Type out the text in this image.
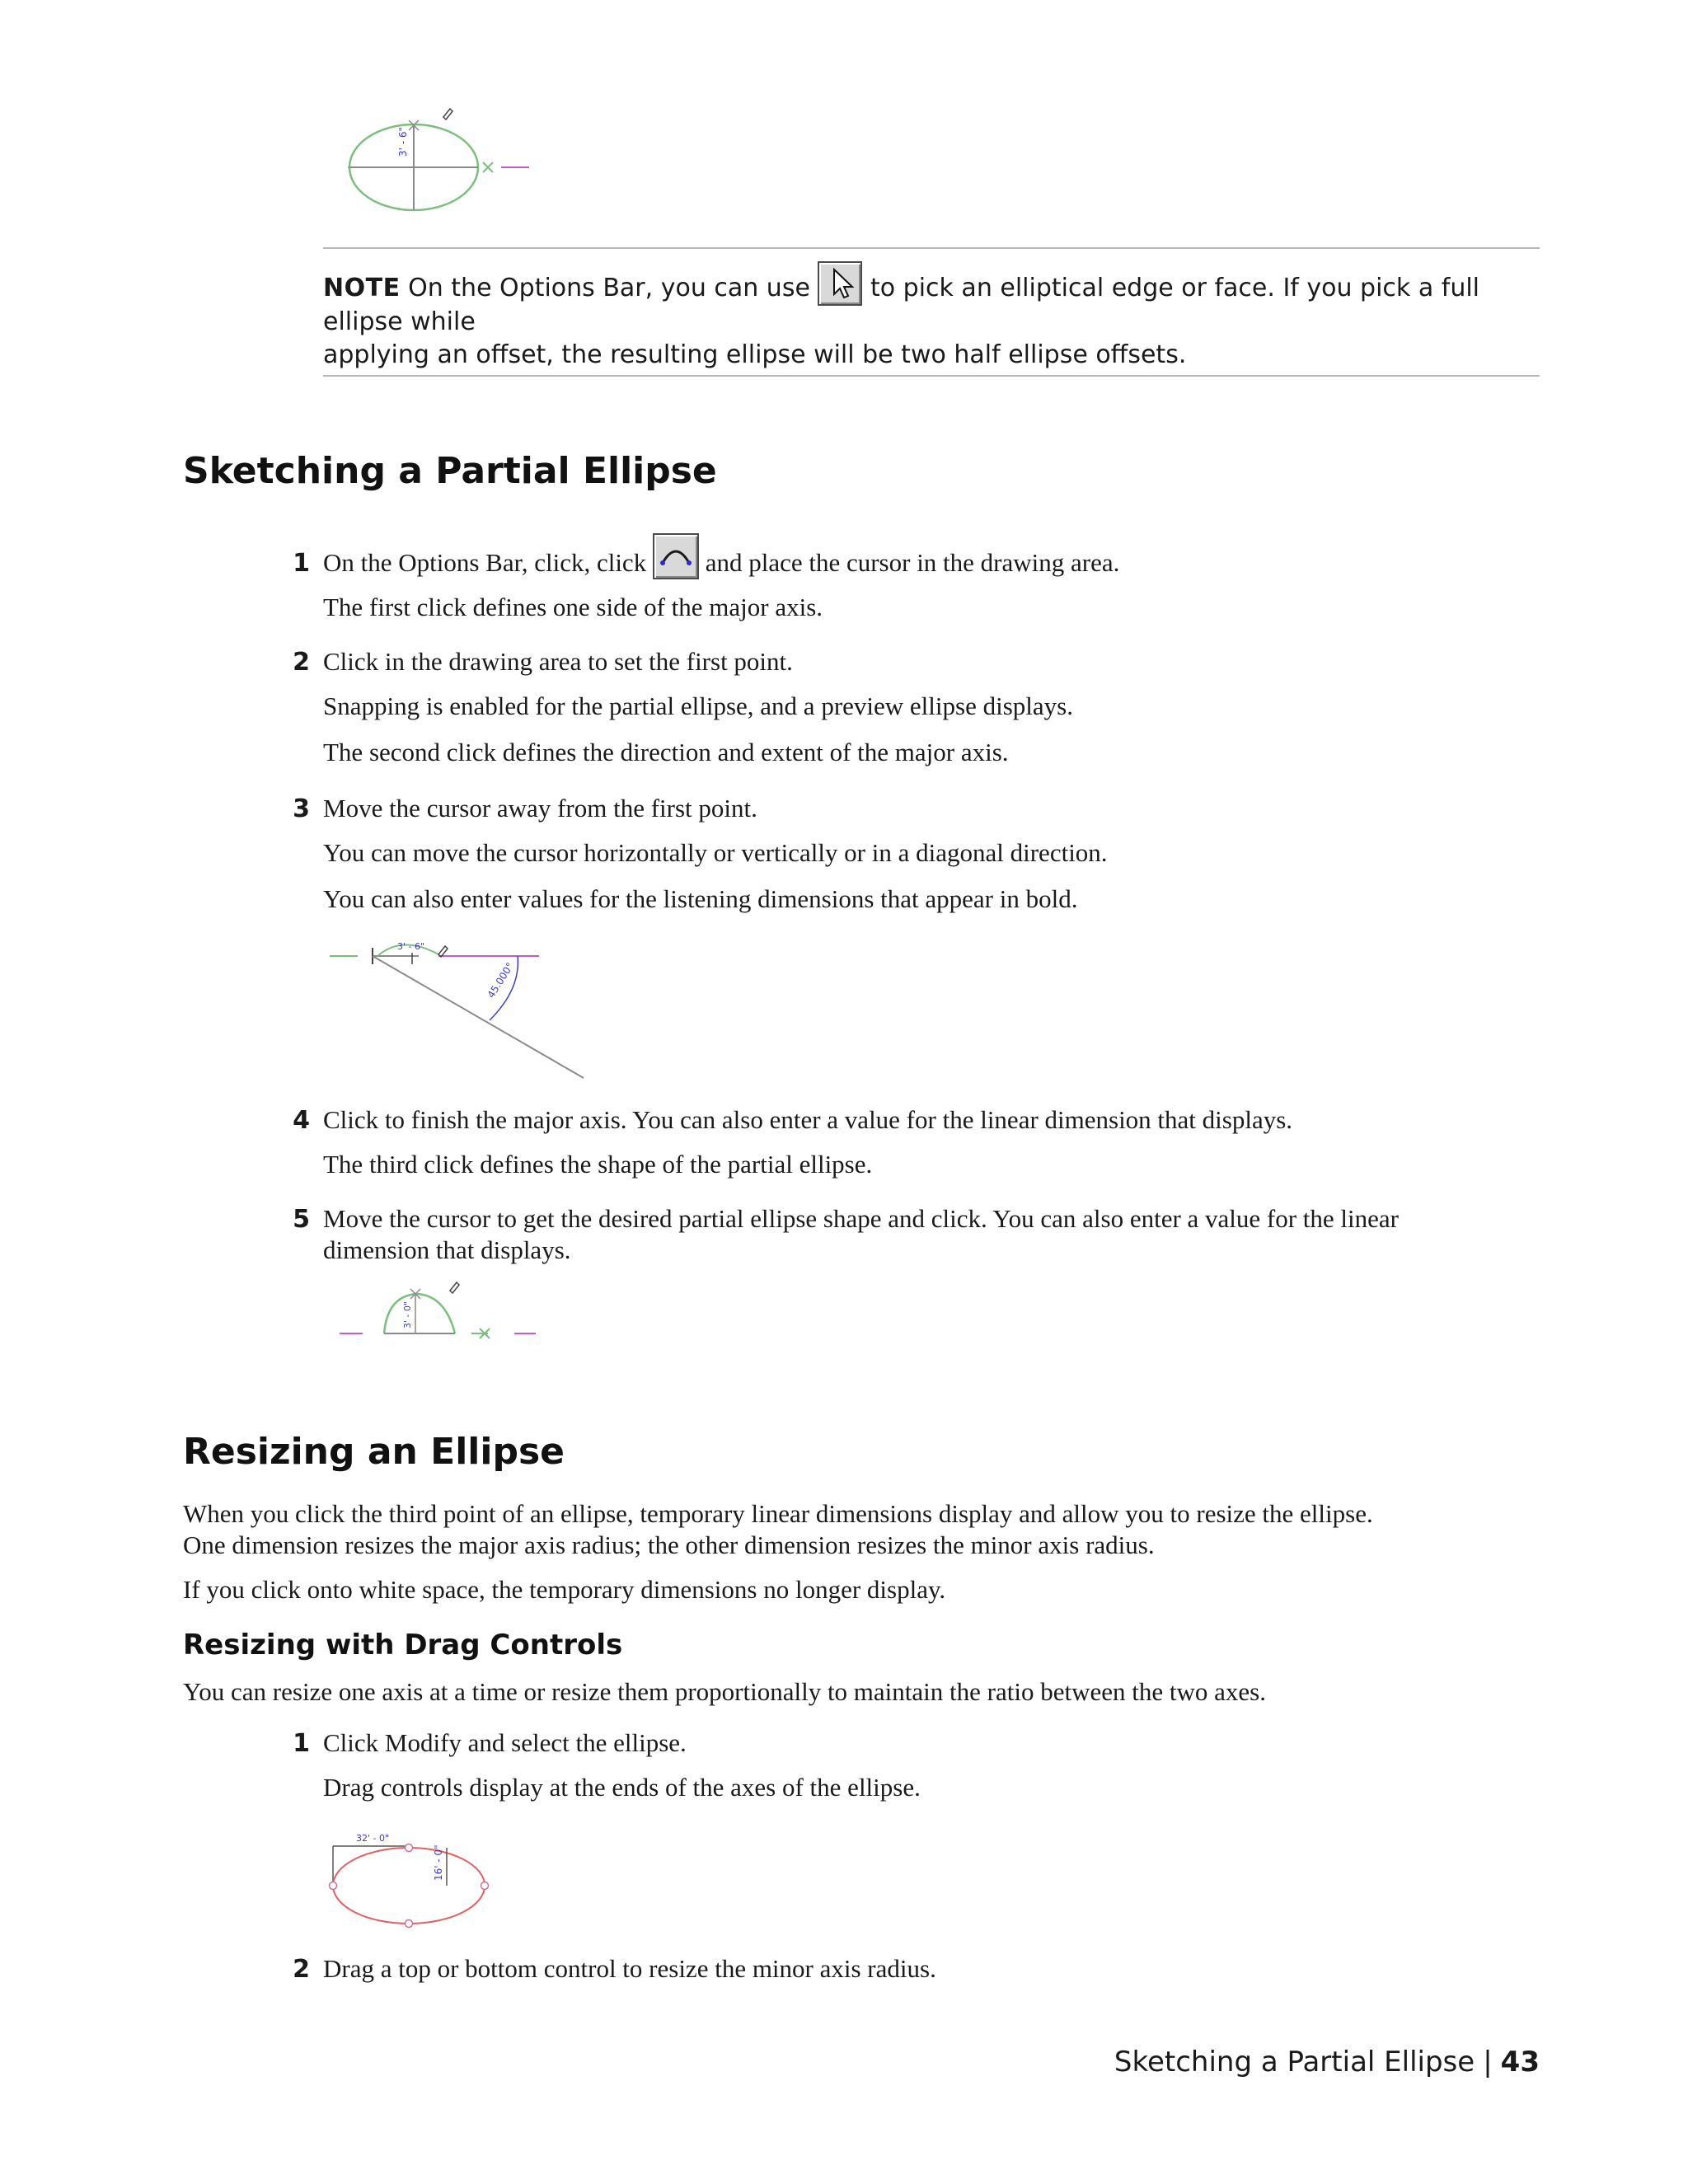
3' - 6"
NOTE On the Options Bar, you can use to pick an elliptical edge or face. If you pick a full ellipse while
applying an offset, the resulting ellipse will be two half ellipse offsets.
Sketching a Partial Ellipse
1 On the Options Bar, click, click and place the cursor in the drawing area.
The first click defines one side of the major axis.
2 Click in the drawing area to set the first point.
Snapping is enabled for the partial ellipse, and a preview ellipse displays.
The second click defines the direction and extent of the major axis.
3 Move the cursor away from the first point.
You can move the cursor horizontally or vertically or in a diagonal direction.
You can also enter values for the listening dimensions that appear in bold.
3' - 6"
45.000°
4 Click to finish the major axis. You can also enter a value for the linear dimension that displays.
The third click defines the shape of the partial ellipse.
5 Move the cursor to get the desired partial ellipse shape and click. You can also enter a value for the linear
dimension that displays.
3' - 0"
Resizing an Ellipse
When you click the third point of an ellipse, temporary linear dimensions display and allow you to resize the ellipse.
One dimension resizes the major axis radius; the other dimension resizes the minor axis radius.
If you click onto white space, the temporary dimensions no longer display.
Resizing with Drag Controls
You can resize one axis at a time or resize them proportionally to maintain the ratio between the two axes.
1 Click Modify and select the ellipse.
Drag controls display at the ends of the axes of the ellipse.
32' - 0"
16' - 0"
2 Drag a top or bottom control to resize the minor axis radius.
Sketching a Partial Ellipse | 43
